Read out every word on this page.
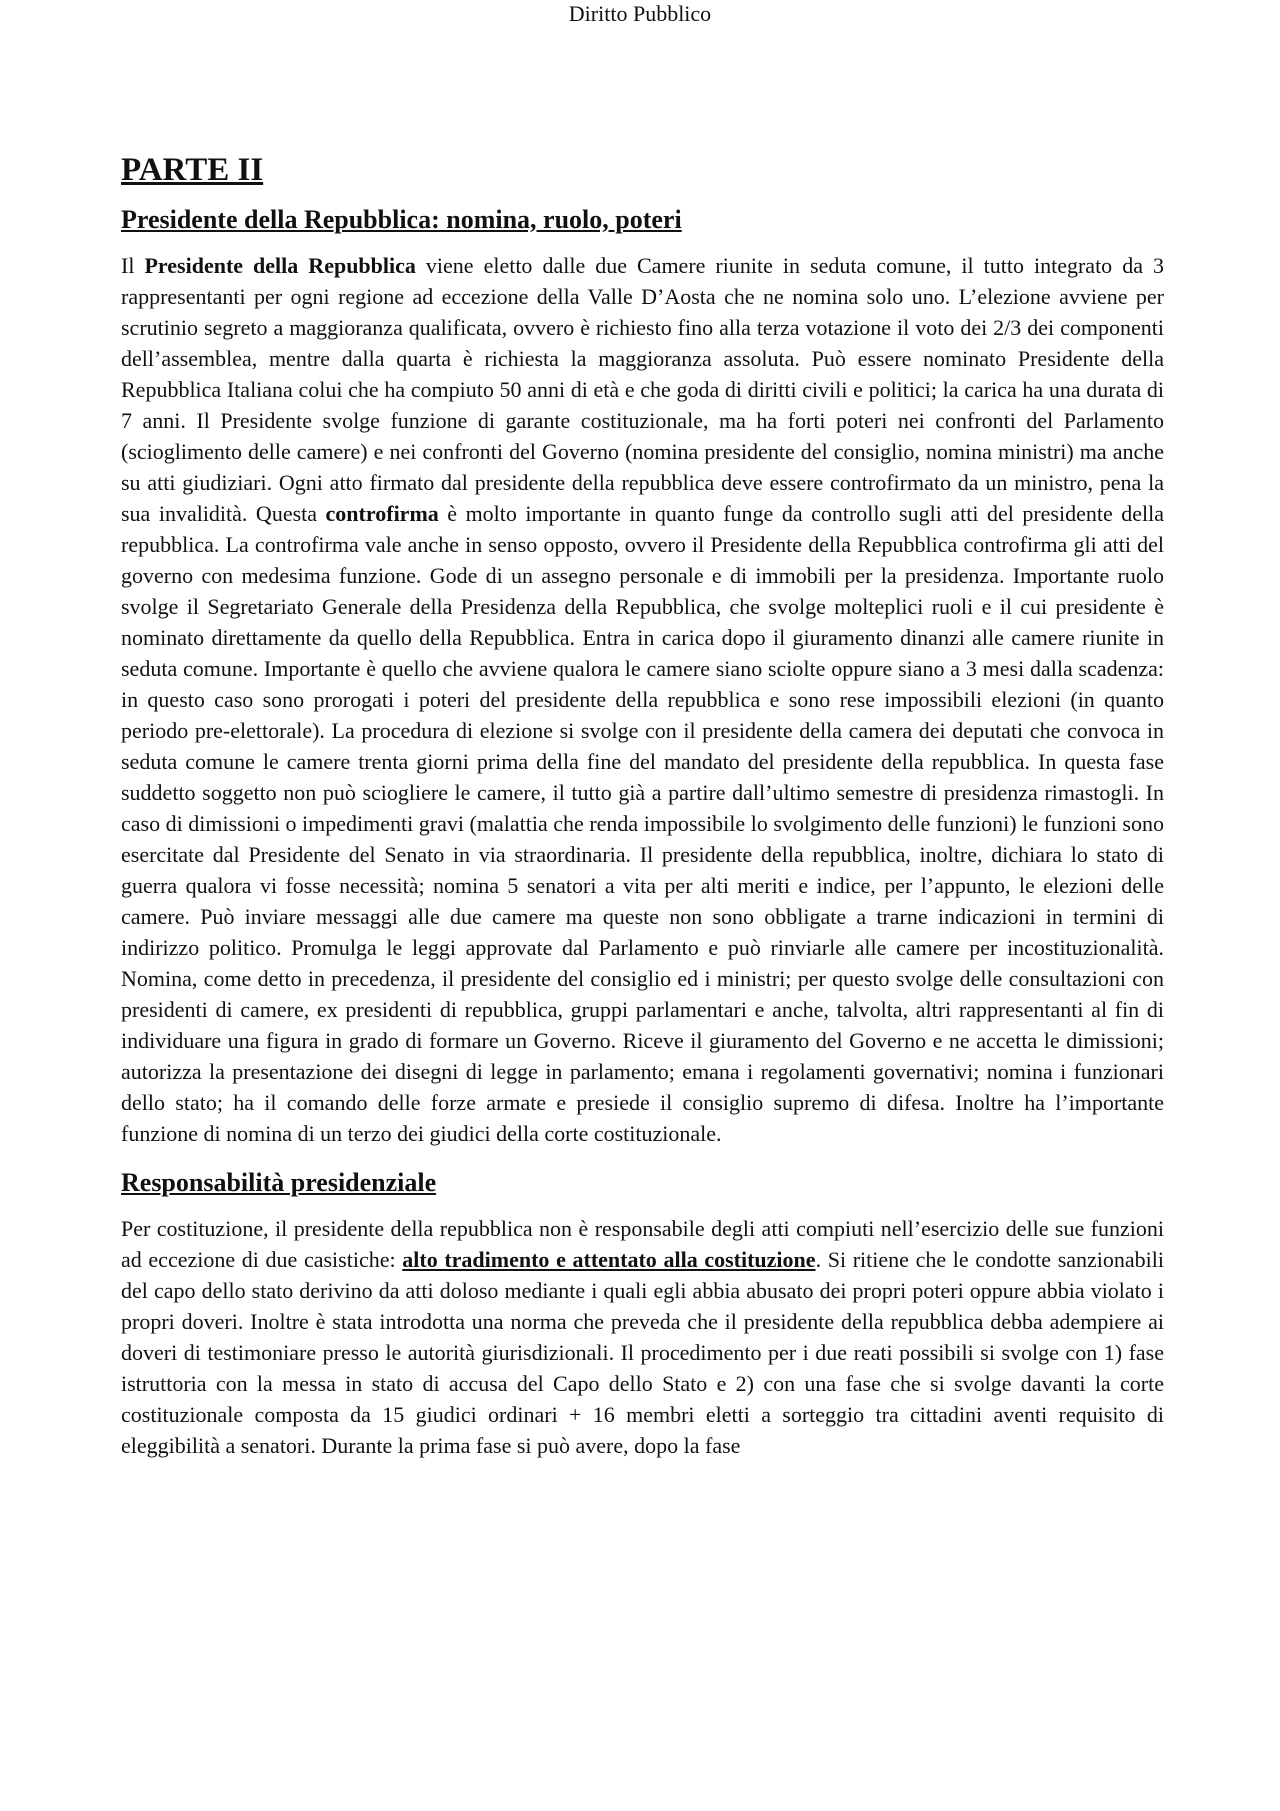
Diritto Pubblico
PARTE II
Presidente della Repubblica: nomina, ruolo, poteri

Il Presidente della Repubblica viene eletto dalle due Camere riunite in seduta comune, il tutto integrato da 3 rappresentanti per ogni regione ad eccezione della Valle D’Aosta che ne nomina solo uno. L’elezione avviene per scrutinio segreto a maggioranza qualificata, ovvero è richiesto fino alla terza votazione il voto dei 2/3 dei componenti dell’assemblea, mentre dalla quarta è richiesta la maggioranza assoluta. Può essere nominato Presidente della Repubblica Italiana colui che ha compiuto 50 anni di età e che goda di diritti civili e politici; la carica ha una durata di 7 anni. Il Presidente svolge funzione di garante costituzionale, ma ha forti poteri nei confronti del Parlamento (scioglimento delle camere) e nei confronti del Governo (nomina presidente del consiglio, nomina ministri) ma anche su atti giudiziari. Ogni atto firmato dal presidente della repubblica deve essere controfirmato da un ministro, pena la sua invalidità. Questa controfirma è molto importante in quanto funge da controllo sugli atti del presidente della repubblica. La controfirma vale anche in senso opposto, ovvero il Presidente della Repubblica controfirma gli atti del governo con medesima funzione. Gode di un assegno personale e di immobili per la presidenza. Importante ruolo svolge il Segretariato Generale della Presidenza della Repubblica, che svolge molteplici ruoli e il cui presidente è nominato direttamente da quello della Repubblica. Entra in carica dopo il giuramento dinanzi alle camere riunite in seduta comune. Importante è quello che avviene qualora le camere siano sciolte oppure siano a 3 mesi dalla scadenza: in questo caso sono prorogati i poteri del presidente della repubblica e sono rese impossibili elezioni (in quanto periodo pre-elettorale). La procedura di elezione si svolge con il presidente della camera dei deputati che convoca in seduta comune le camere trenta giorni prima della fine del mandato del presidente della repubblica. In questa fase suddetto soggetto non può sciogliere le camere, il tutto già a partire dall’ultimo semestre di presidenza rimastogli. In caso di dimissioni o impedimenti gravi (malattia che renda impossibile lo svolgimento delle funzioni) le funzioni sono esercitate dal Presidente del Senato in via straordinaria. Il presidente della repubblica, inoltre, dichiara lo stato di guerra qualora vi fosse necessità; nomina 5 senatori a vita per alti meriti e indice, per l’appunto, le elezioni delle camere. Può inviare messaggi alle due camere ma queste non sono obbligate a trarne indicazioni in termini di indirizzo politico. Promulga le leggi approvate dal Parlamento e può rinviarle alle camere per incostituzionalità. Nomina, come detto in precedenza, il presidente del consiglio ed i ministri; per questo svolge delle consultazioni con presidenti di camere, ex presidenti di repubblica, gruppi parlamentari e anche, talvolta, altri rappresentanti al fin di individuare una figura in grado di formare un Governo. Riceve il giuramento del Governo e ne accetta le dimissioni; autorizza la presentazione dei disegni di legge in parlamento; emana i regolamenti governativi; nomina i funzionari dello stato; ha il comando delle forze armate e presiede il consiglio supremo di difesa. Inoltre ha l’importante funzione di nomina di un terzo dei giudici della corte costituzionale.

Responsabilità presidenziale

Per costituzione, il presidente della repubblica non è responsabile degli atti compiuti nell’esercizio delle sue funzioni ad eccezione di due casistiche: alto tradimento e attentato alla costituzione. Si ritiene che le condotte sanzionabili del capo dello stato derivino da atti doloso mediante i quali egli abbia abusato dei propri poteri oppure abbia violato i propri doveri. Inoltre è stata introdotta una norma che preveda che il presidente della repubblica debba adempiere ai doveri di testimoniare presso le autorità giurisdizionali. Il procedimento per i due reati possibili si svolge con 1) fase istruttoria con la messa in stato di accusa del Capo dello Stato e 2) con una fase che si svolge davanti la corte costituzionale composta da 15 giudici ordinari + 16 membri eletti a sorteggio tra cittadini aventi requisito di eleggibilità a senatori. Durante la prima fase si può avere, dopo la fase
